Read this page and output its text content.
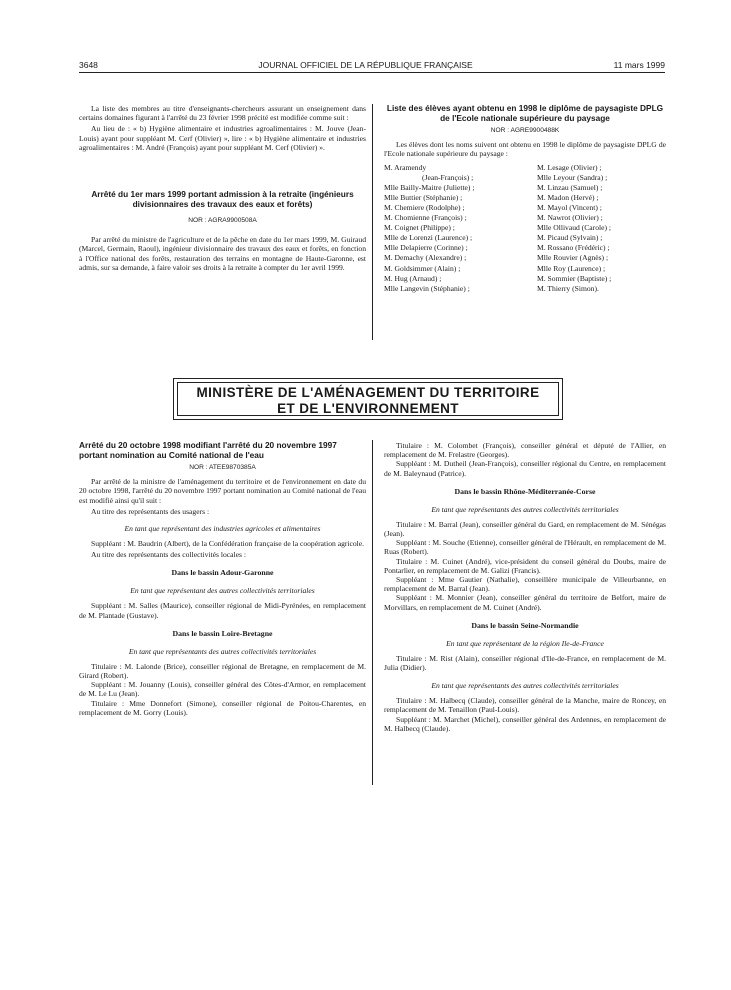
3648	JOURNAL OFFICIEL DE LA RÉPUBLIQUE FRANÇAISE	11 mars 1999

La liste des membres au titre d'enseignants-chercheurs assurant un enseignement dans certains domaines figurant à l'arrêté du 23 février 1998 précité est modifiée comme suit :

Au lieu de : « b) Hygiène alimentaire et industries agroalimentaires : M. Jouve (Jean-Louis) ayant pour suppléant M. Cerf (Olivier) », lire : « b) Hygiène alimentaire et industries agroalimentaires : M. André (François) ayant pour suppléant M. Cerf (Olivier) ».

Arrêté du 1er mars 1999 portant admission à la retraite (ingénieurs divisionnaires des travaux des eaux et forêts)

NOR : AGRA9900508A

Par arrêté du ministre de l'agriculture et de la pêche en date du 1er mars 1999, M. Guiraud (Marcel, Germain, Raoul), ingénieur divisionnaire des travaux des eaux et forêts, en fonction à l'Office national des forêts, restauration des terrains en montagne de Haute-Garonne, est admis, sur sa demande, à faire valoir ses droits à la retraite à compter du 1er avril 1999.

Liste des élèves ayant obtenu en 1998 le diplôme de paysagiste DPLG de l'Ecole nationale supérieure du paysage

NOR : AGRE9900488K

Les élèves dont les noms suivent ont obtenu en 1998 le diplôme de paysagiste DPLG de l'Ecole nationale supérieure du paysage :

M. Aramendy
(Jean-François) ;
Mlle Bailly-Maitre (Juliette) ;
Mlle Buttier (Stéphanie) ;
M. Chemiere (Rodolphe) ;
M. Chomienne (François) ;
M. Coignet (Philippe) ;
Mlle de Lorenzi (Laurence) ;
Mlle Delapierre (Corinne) ;
M. Demachy (Alexandre) ;
M. Goldsimmer (Alain) ;
M. Hug (Arnaud) ;
Mlle Langevin (Stéphanie) ;
M. Lesage (Olivier) ;
Mlle Leyour (Sandra) ;
M. Linzau (Samuel) ;
M. Madon (Hervé) ;
M. Mayol (Vincent) ;
M. Nawrot (Olivier) ;
Mlle Ollivaud (Carole) ;
M. Picaud (Sylvain) ;
M. Rossano (Frédéric) ;
Mlle Rouvier (Agnès) ;
Mlle Roy (Laurence) ;
M. Sommier (Baptiste) ;
M. Thierry (Simon).
MINISTÈRE DE L'AMÉNAGEMENT DU TERRITOIRE
ET DE L'ENVIRONNEMENT

Arrêté du 20 octobre 1998 modifiant l'arrêté du 20 novembre 1997 portant nomination au Comité national de l'eau

NOR : ATEE9870385A

Par arrêté de la ministre de l'aménagement du territoire et de l'environnement en date du 20 octobre 1998, l'arrêté du 20 novembre 1997 portant nomination au Comité national de l'eau est modifié ainsi qu'il suit :

Au titre des représentants des usagers :

En tant que représentant des industries agricoles et alimentaires

Suppléant : M. Baudrin (Albert), de la Confédération française de la coopération agricole.

Au titre des représentants des collectivités locales :

Dans le bassin Adour-Garonne

En tant que représentant des autres collectivités territoriales

Suppléant : M. Salles (Maurice), conseiller régional de Midi-Pyrénées, en remplacement de M. Plantade (Gustave).

Dans le bassin Loire-Bretagne

En tant que représentants des autres collectivités territoriales

Titulaire : M. Lalonde (Brice), conseiller régional de Bretagne, en remplacement de M. Girard (Robert).

Suppléant : M. Jouanny (Louis), conseiller général des Côtes-d'Armor, en remplacement de M. Le Lu (Jean).

Titulaire : Mme Donnefort (Simone), conseiller régional de Poitou-Charentes, en remplacement de M. Gorry (Louis).

Titulaire : M. Colombet (François), conseiller général et député de l'Allier, en remplacement de M. Frelastre (Georges).

Suppléant : M. Dutheil (Jean-François), conseiller régional du Centre, en remplacement de M. Baleynaud (Patrice).

Dans le bassin Rhône-Méditerranée-Corse

En tant que représentants des autres collectivités territoriales

Titulaire : M. Barral (Jean), conseiller général du Gard, en remplacement de M. Sénégas (Jean).

Suppléant : M. Souche (Etienne), conseiller général de l'Hérault, en remplacement de M. Ruas (Robert).

Titulaire : M. Cuinet (André), vice-président du conseil général du Doubs, maire de Pontarlier, en remplacement de M. Galizi (Francis).

Suppléant : Mme Gautier (Nathalie), conseillère municipale de Villeurbanne, en remplacement de M. Barral (Jean).

Suppléant : M. Monnier (Jean), conseiller général du territoire de Belfort, maire de Morvillars, en remplacement de M. Cuinet (André).

Dans le bassin Seine-Normandie

En tant que représentant de la région Ile-de-France

Titulaire : M. Rist (Alain), conseiller régional d'Ile-de-France, en remplacement de M. Julia (Didier).

En tant que représentants des autres collectivités territoriales

Titulaire : M. Halbecq (Claude), conseiller général de la Manche, maire de Roncey, en remplacement de M. Tenaillon (Paul-Louis).

Suppléant : M. Marchet (Michel), conseiller général des Ardennes, en remplacement de M. Halbecq (Claude).
